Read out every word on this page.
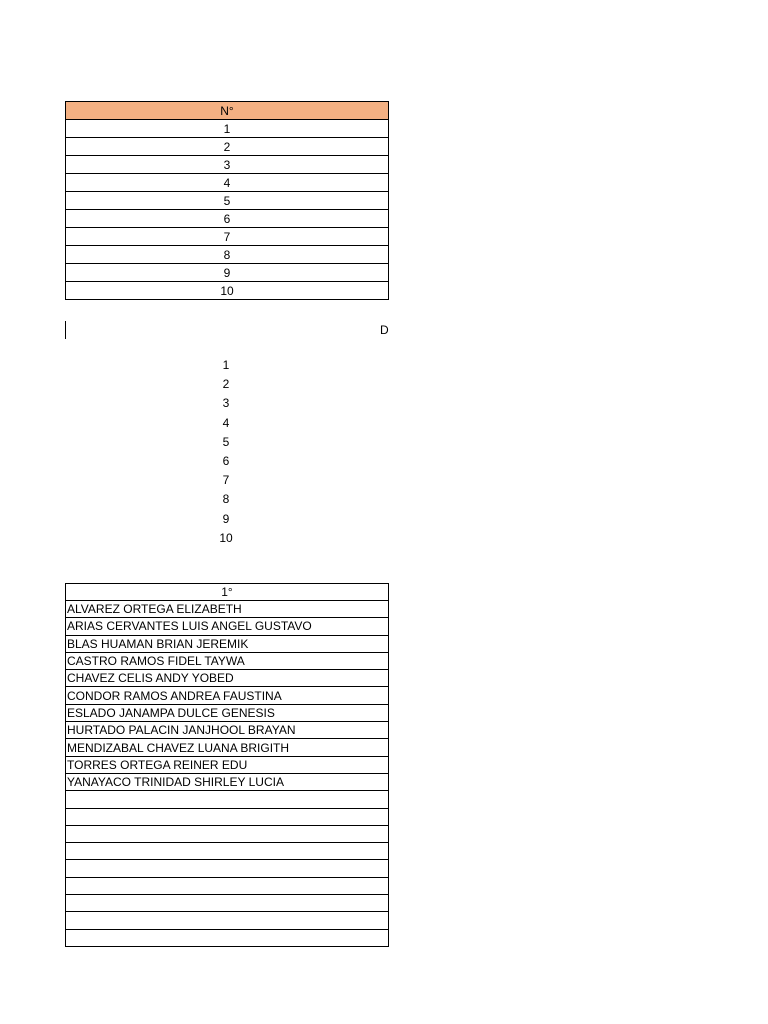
N°
1
2
3
4
5
6
7
8
9
10
D
1
2
3
4
5
6
7
8
9
10
1°
ALVAREZ ORTEGA ELIZABETH
ARIAS CERVANTES LUIS ANGEL GUSTAVO
BLAS HUAMAN BRIAN JEREMIK
CASTRO RAMOS FIDEL TAYWA
CHAVEZ CELIS ANDY YOBED
CONDOR RAMOS ANDREA FAUSTINA
ESLADO JANAMPA DULCE GENESIS
HURTADO PALACIN JANJHOOL BRAYAN
MENDIZABAL CHAVEZ LUANA BRIGITH
TORRES ORTEGA REINER EDU
YANAYACO TRINIDAD SHIRLEY LUCIA
